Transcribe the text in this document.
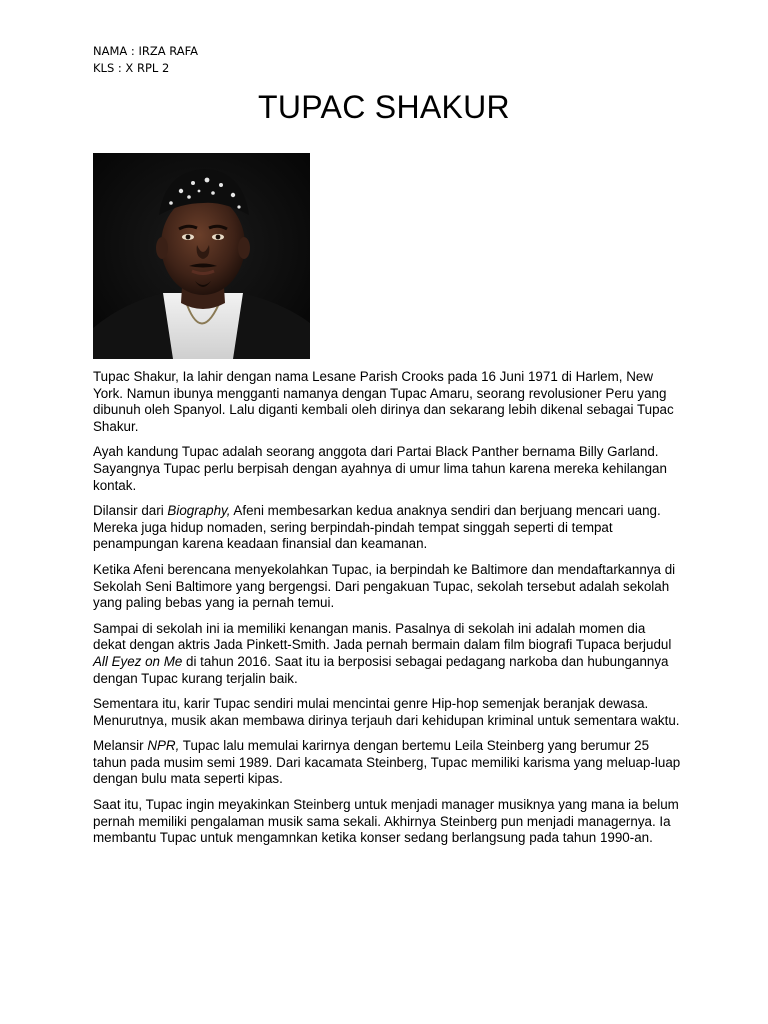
NAMA : IRZA RAFA
KLS : X RPL 2
TUPAC SHAKUR

Tupac Shakur, Ia lahir dengan nama Lesane Parish Crooks pada 16 Juni 1971 di Harlem, New York. Namun ibunya mengganti namanya dengan Tupac Amaru, seorang revolusioner Peru yang dibunuh oleh Spanyol. Lalu diganti kembali oleh dirinya dan sekarang lebih dikenal sebagai Tupac Shakur.

Ayah kandung Tupac adalah seorang anggota dari Partai Black Panther bernama Billy Garland. Sayangnya Tupac perlu berpisah dengan ayahnya di umur lima tahun karena mereka kehilangan kontak.

Dilansir dari Biography, Afeni membesarkan kedua anaknya sendiri dan berjuang mencari uang. Mereka juga hidup nomaden, sering berpindah-pindah tempat singgah seperti di tempat penampungan karena keadaan finansial dan keamanan.

Ketika Afeni berencana menyekolahkan Tupac, ia berpindah ke Baltimore dan mendaftarkannya di Sekolah Seni Baltimore yang bergengsi. Dari pengakuan Tupac, sekolah tersebut adalah sekolah yang paling bebas yang ia pernah temui.

Sampai di sekolah ini ia memiliki kenangan manis. Pasalnya di sekolah ini adalah momen dia dekat dengan aktris Jada Pinkett-Smith. Jada pernah bermain dalam film biografi Tupaca berjudul All Eyez on Me di tahun 2016. Saat itu ia berposisi sebagai pedagang narkoba dan hubungannya dengan Tupac kurang terjalin baik.

Sementara itu, karir Tupac sendiri mulai mencintai genre Hip-hop semenjak beranjak dewasa. Menurutnya, musik akan membawa dirinya terjauh dari kehidupan kriminal untuk sementara waktu.

Melansir NPR, Tupac lalu memulai karirnya dengan bertemu Leila Steinberg yang berumur 25 tahun pada musim semi 1989. Dari kacamata Steinberg, Tupac memiliki karisma yang meluap-luap dengan bulu mata seperti kipas.

Saat itu, Tupac ingin meyakinkan Steinberg untuk menjadi manager musiknya yang mana ia belum pernah memiliki pengalaman musik sama sekali. Akhirnya Steinberg pun menjadi managernya. Ia membantu Tupac untuk mengamnkan ketika konser sedang berlangsung pada tahun 1990-an.
